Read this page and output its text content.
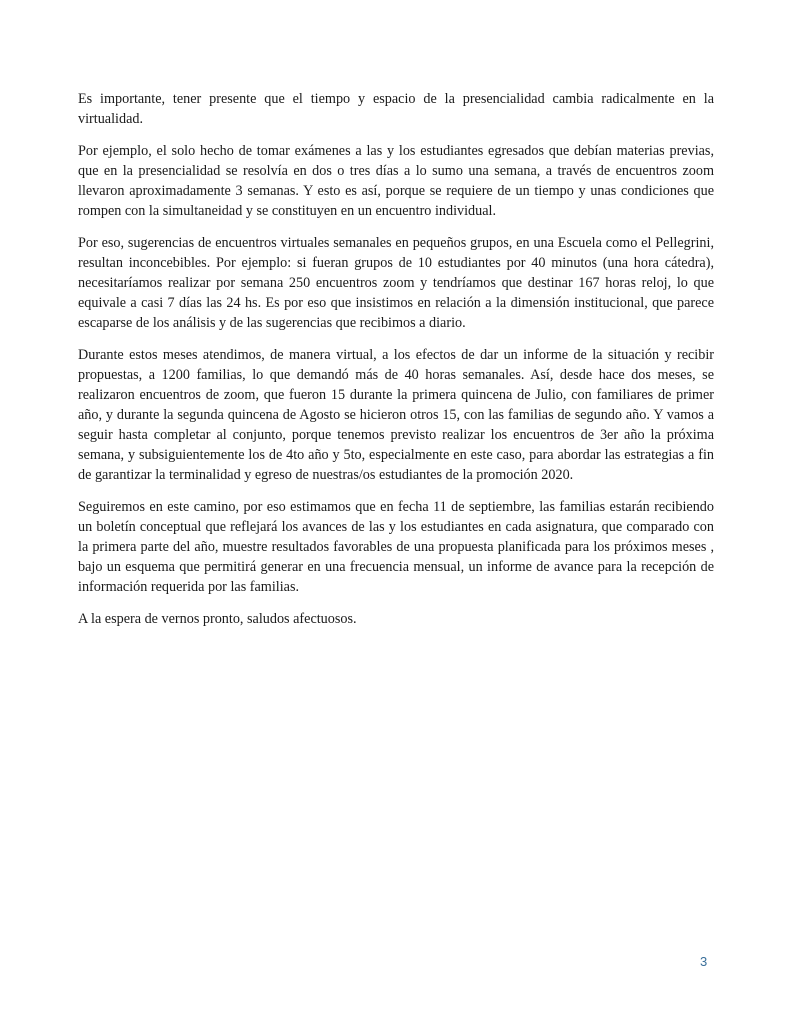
Es importante, tener presente que el tiempo y espacio de la presencialidad cambia radicalmente en la virtualidad.

Por ejemplo, el solo hecho de tomar exámenes a las y los estudiantes egresados que debían materias previas, que en la presencialidad se resolvía en dos o tres días a lo sumo una semana, a través de encuentros zoom llevaron aproximadamente 3 semanas. Y esto es así, porque se requiere de un tiempo y unas condiciones que rompen con la simultaneidad y se constituyen en un encuentro individual.

Por eso, sugerencias de encuentros virtuales semanales en pequeños grupos, en una Escuela como el Pellegrini, resultan inconcebibles. Por ejemplo: si fueran grupos de 10 estudiantes por 40 minutos (una hora cátedra), necesitaríamos realizar por semana 250 encuentros zoom y tendríamos que destinar 167 horas reloj, lo que equivale a casi 7 días las 24 hs. Es por eso que insistimos en relación a la dimensión institucional, que parece escaparse de los análisis y de las sugerencias que recibimos a diario.

Durante estos meses atendimos, de manera virtual, a los efectos de dar un informe de la situación y recibir propuestas, a 1200 familias, lo que demandó más de 40 horas semanales. Así, desde hace dos meses, se realizaron encuentros de zoom, que fueron 15 durante la primera quincena de Julio, con familiares de primer año, y durante la segunda quincena de Agosto se hicieron otros 15, con las familias de segundo año. Y vamos a seguir hasta completar al conjunto, porque tenemos previsto realizar los encuentros de 3er año la próxima semana, y subsiguientemente los de 4to año y 5to, especialmente en este caso, para abordar las estrategias a fin de garantizar la terminalidad y egreso de nuestras/os estudiantes de la promoción 2020.

Seguiremos en este camino, por eso estimamos que en fecha 11 de septiembre, las familias estarán recibiendo un boletín conceptual que reflejará los avances de las y los estudiantes en cada asignatura, que comparado con la primera parte del año, muestre resultados favorables de una propuesta planificada para los próximos meses , bajo un esquema que permitirá generar en una frecuencia mensual, un informe de avance para la recepción de información requerida por las familias.

A la espera de vernos pronto, saludos afectuosos.

3
